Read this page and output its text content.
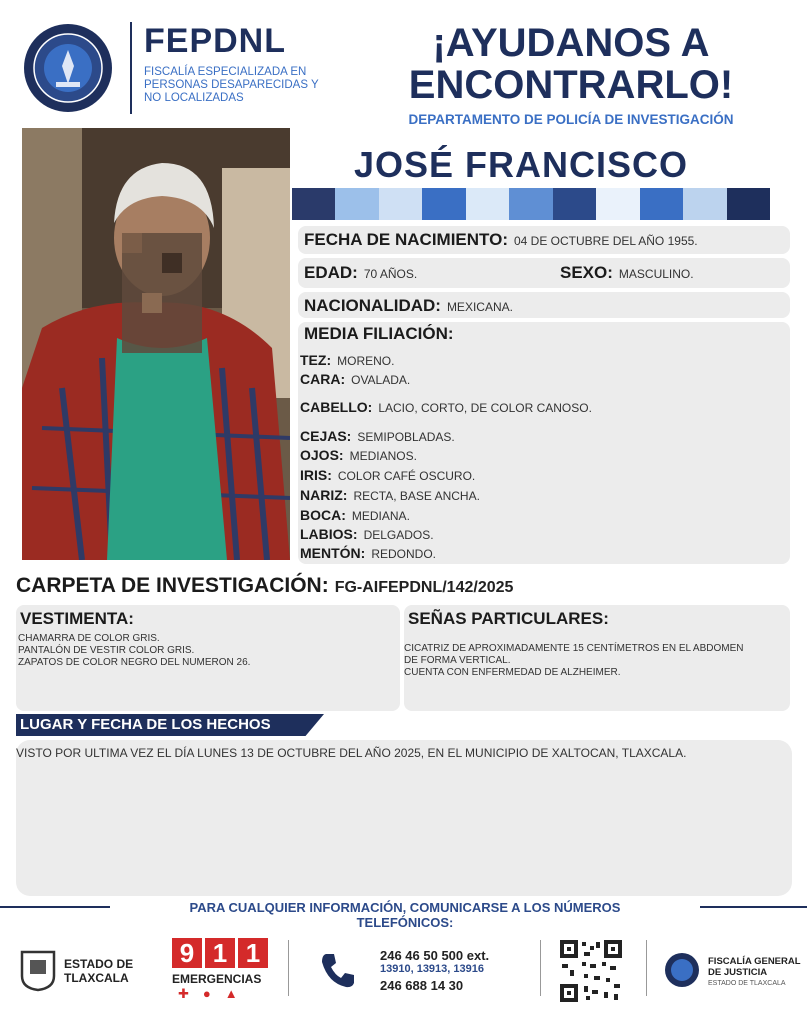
FEPDNL
FISCALÍA ESPECIALIZADA EN
PERSONAS DESAPARECIDAS Y
NO LOCALIZADAS
¡AYUDANOS A
ENCONTRARLO!
DEPARTAMENTO DE POLICÍA DE INVESTIGACIÓN
JOSÉ FRANCISCO
FECHA DE NACIMIENTO: 04 DE OCTUBRE DEL AÑO 1955.
EDAD: 70 AÑOS.	SEXO: MASCULINO.
NACIONALIDAD: MEXICANA.
MEDIA FILIACIÓN:
TEZ: MORENO.
CARA: OVALADA.
CABELLO: LACIO, CORTO, DE COLOR CANOSO.
CEJAS: SEMIPOBLADAS.
OJOS: MEDIANOS.
IRIS: COLOR CAFÉ OSCURO.
NARIZ: RECTA, BASE ANCHA.
BOCA: MEDIANA.
LABIOS: DELGADOS.
MENTÓN: REDONDO.
CARPETA DE INVESTIGACIÓN: FG-AIFEPDNL/142/2025
VESTIMENTA:
CHAMARRA DE COLOR GRIS.
PANTALÓN DE VESTIR COLOR GRIS.
ZAPATOS DE COLOR NEGRO DEL NUMERON 26.
SEÑAS PARTICULARES:
CICATRIZ DE APROXIMADAMENTE 15 CENTÍMETROS EN EL ABDOMEN
DE FORMA VERTICAL.
CUENTA CON ENFERMEDAD DE ALZHEIMER.
LUGAR Y FECHA DE LOS HECHOS
VISTO POR ULTIMA VEZ EL DÍA LUNES 13 DE OCTUBRE DEL AÑO 2025, EN EL MUNICIPIO DE XALTOCAN, TLAXCALA.
PARA CUALQUIER INFORMACIÓN, COMUNICARSE A LOS NÚMEROS
TELEFÓNICOS:
ESTADO DE
TLAXCALA
9 1 1
EMERGENCIAS
✚●▲
246 46 50 500 ext.
13910, 13913, 13916
246 688 14 30
FISCALÍA GENERAL
DE JUSTICIA
ESTADO DE TLAXCALA
